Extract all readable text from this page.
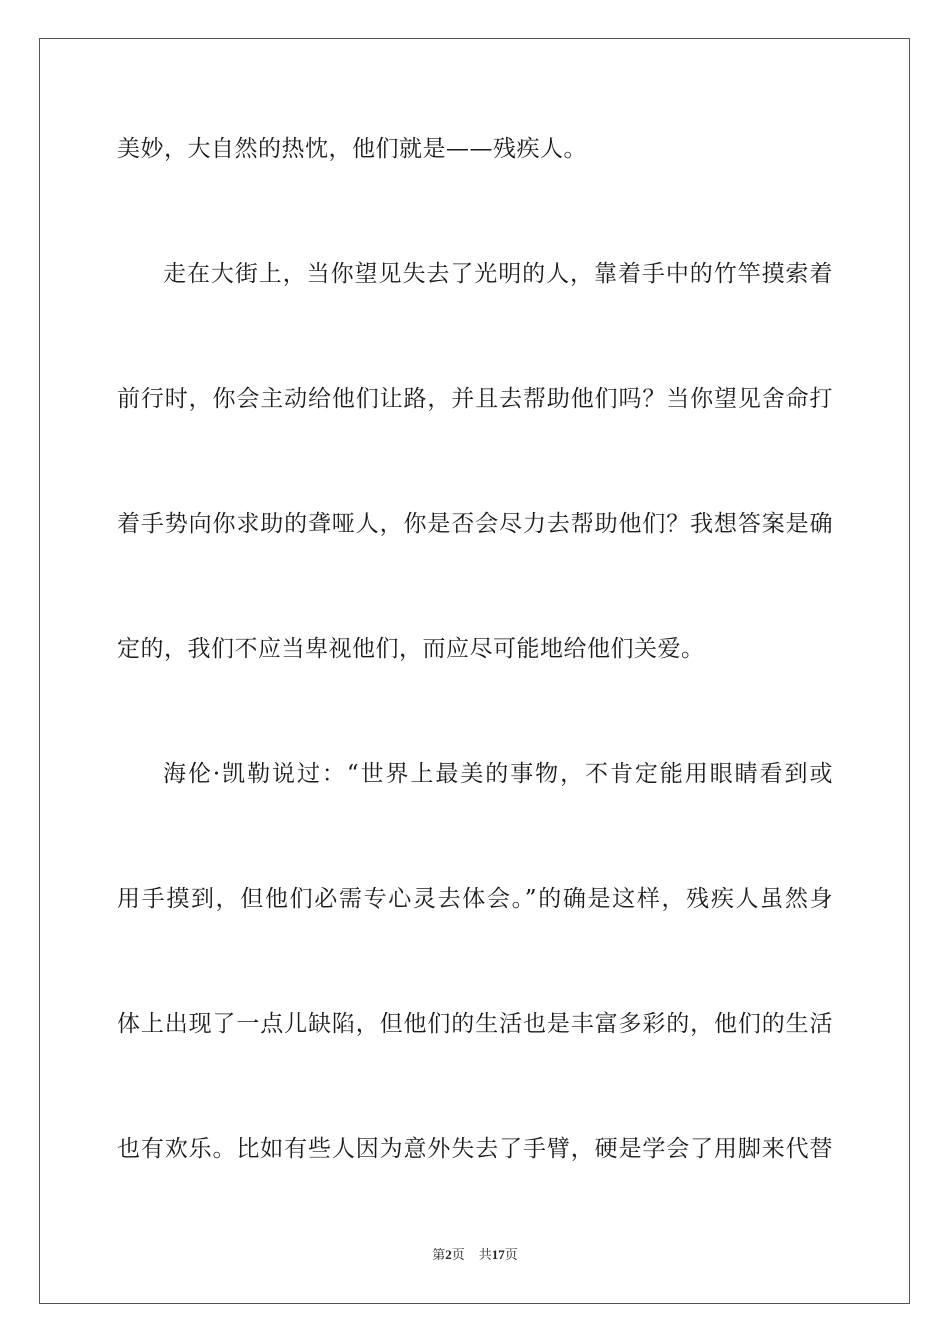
美妙，大自然的热忱，他们就是——残疾人。
走在大街上，当你望见失去了光明的人，靠着手中的竹竿摸索着
前行时，你会主动给他们让路，并且去帮助他们吗？当你望见舍命打
着手势向你求助的聋哑人，你是否会尽力去帮助他们？我想答案是确
定的，我们不应当卑视他们，而应尽可能地给他们关爱。
海伦·凯勒说过：“世界上最美的事物，不肯定能用眼睛看到或
用手摸到，但他们必需专心灵去体会。”的确是这样，残疾人虽然身
体上出现了一点儿缺陷，但他们的生活也是丰富多彩的，他们的生活
也有欢乐。比如有些人因为意外失去了手臂，硬是学会了用脚来代替
第2页 共17页
